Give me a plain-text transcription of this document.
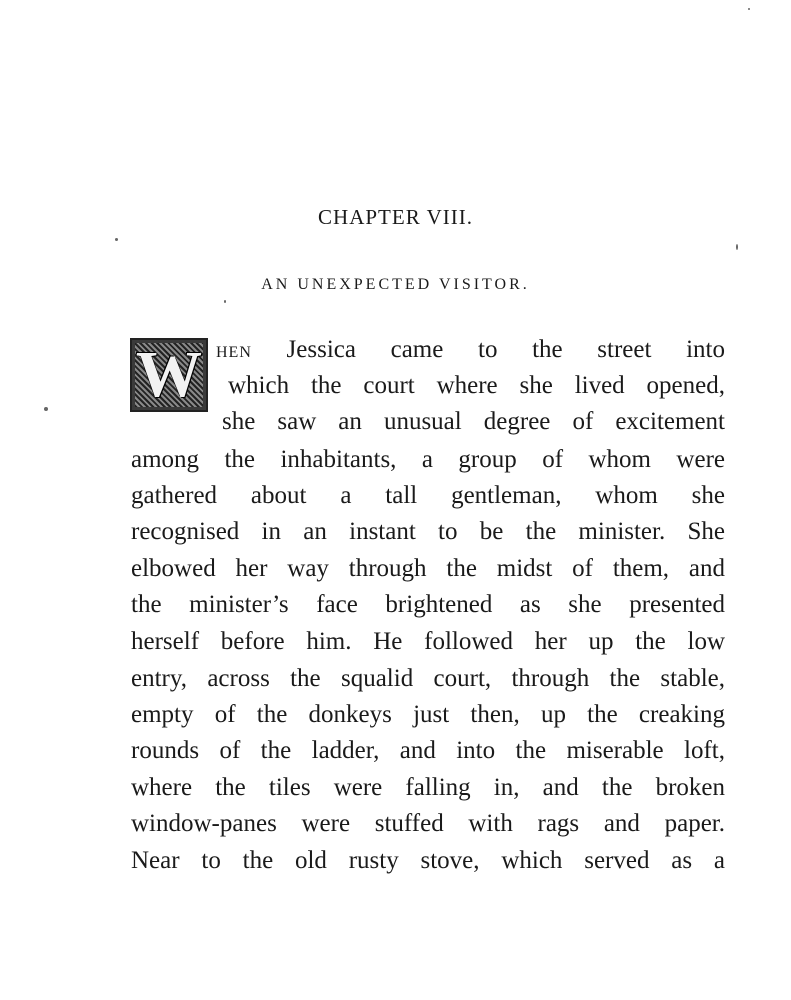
CHAPTER VIII.
AN UNEXPECTED VISITOR.
W HEN Jessica came to the street into
which the court where she lived opened,
she saw an unusual degree of excitement
among the inhabitants, a group of whom were
gathered about a tall gentleman, whom she
recognised in an instant to be the minister. She
elbowed her way through the midst of them, and
the minister’s face brightened as she presented
herself before him. He followed her up the low
entry, across the squalid court, through the stable,
empty of the donkeys just then, up the creaking
rounds of the ladder, and into the miserable loft,
where the tiles were falling in, and the broken
window-panes were stuffed with rags and paper.
Near to the old rusty stove, which served as a
